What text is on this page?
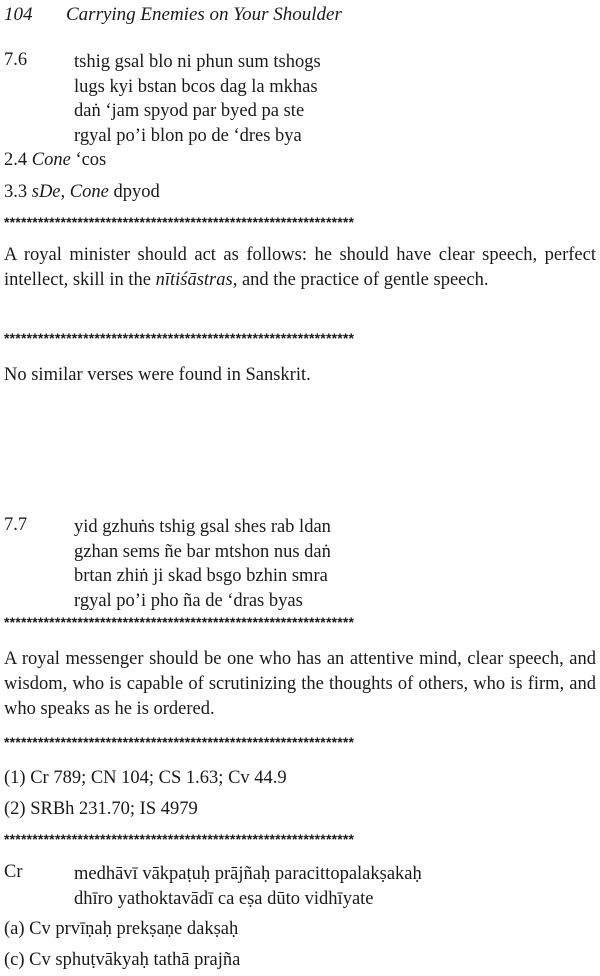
104 Carrying Enemies on Your Shoulder
7.6	tshig gsal blo ni phun sum tshogs
lugs kyi bstan bcos dag la mkhas
daṅ ‘jam spyod par byed pa ste
rgyal po’i blon po de ‘dres bya
2.4 Cone ‘cos
3.3 sDe, Cone dpyod
**************************************************************
A royal minister should act as follows: he should have clear speech, perfect intellect, skill in the nītiśāstras, and the practice of gentle speech.
**************************************************************
No similar verses were found in Sanskrit.
7.7	yid gzhuṅs tshig gsal shes rab ldan
gzhan sems ñe bar mtshon nus daṅ
brtan zhiṅ ji skad bsgo bzhin smra
rgyal po’i pho ña de ‘dras byas
**************************************************************
A royal messenger should be one who has an attentive mind, clear speech, and wisdom, who is capable of scrutinizing the thoughts of others, who is firm, and who speaks as he is ordered.
**************************************************************
(1) Cr 789; CN 104; CS 1.63; Cv 44.9
(2) SRBh 231.70; IS 4979
**************************************************************
Cr	medhāvī vākpaṭuḥ prājñaḥ paracittopalakṣakaḥ
dhīro yathoktavādī ca eṣa dūto vidhīyate
(a) Cv prvīṇaḥ prekṣaṇe dakṣaḥ
(c) Cv sphuṭvākyaḥ tathā prajña
